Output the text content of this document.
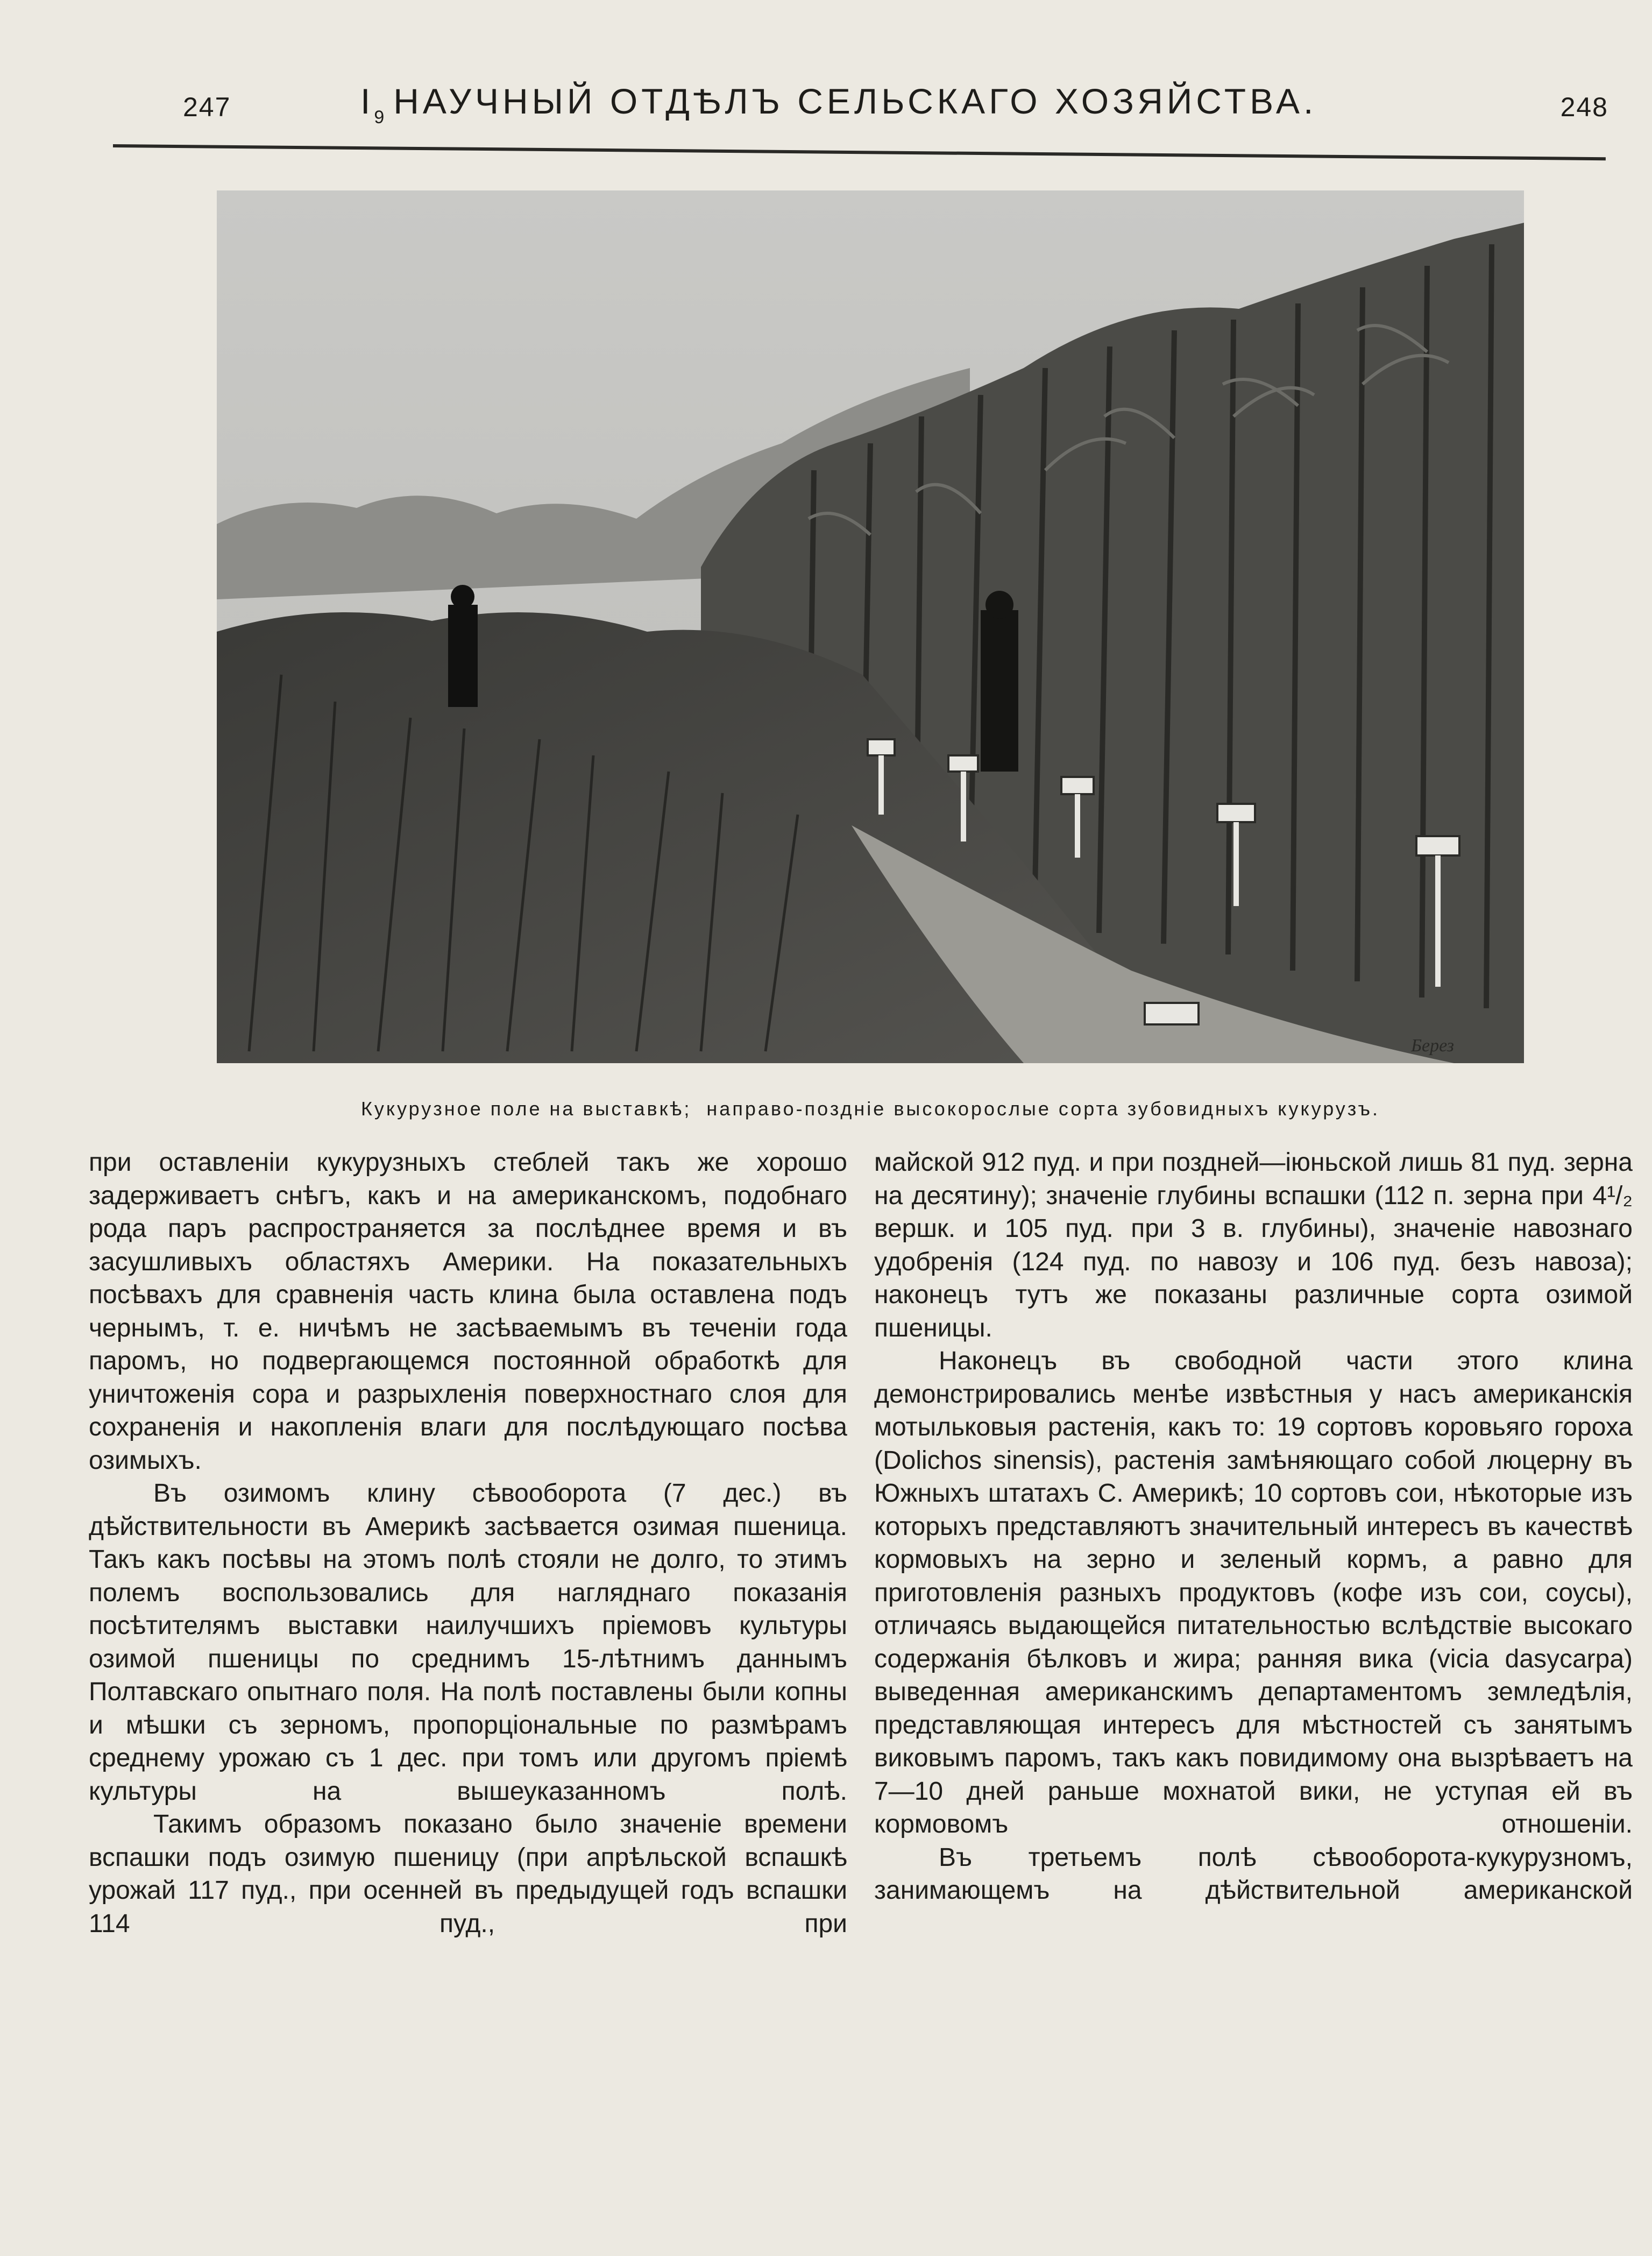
247	$I_9$ НАУЧНЫЙ ОТДѢЛЪ СЕЛЬСКАГО ХОЗЯЙСТВА.	248
Берез
Кукурузное поле на выставкѣ;  направо-позднiе высокорослые сорта зубовидныхъ кукурузъ.

при оставленiи кукурузныхъ стеблей такъ же хорошо задерживаетъ снѣгъ, какъ и на американскомъ, подобнаго рода паръ распространяется за послѣднее время и въ засушливыхъ областяхъ Америки. На показательныхъ посѣвахъ для сравненiя часть клина была оставлена подъ чернымъ, т. е. ничѣмъ не засѣваемымъ въ теченiи года паромъ, но подвергающемся постоянной обработкѣ для уничтоженiя сора и разрыхленiя поверхностнаго слоя для сохраненiя и накопленiя влаги для послѣдующаго посѣва озимыхъ.

Въ озимомъ клину сѣвооборота (7 дес.) въ дѣйствительности въ Америкѣ засѣвается озимая пшеница. Такъ какъ посѣвы на этомъ полѣ стояли не долго, то этимъ полемъ воспользовались для нагляднаго показанiя посѣтителямъ выставки наилучшихъ прiемовъ культуры озимой пшеницы по среднимъ 15-лѣтнимъ даннымъ Полтавскаго опытнаго поля. На полѣ поставлены были копны и мѣшки съ зерномъ, пропорцiональные по размѣрамъ среднему урожаю съ 1 дес. при томъ или другомъ прiемѣ культуры на вышеуказанномъ полѣ.

Такимъ образомъ показано было значенiе времени вспашки подъ озимую пшеницу (при апрѣльской вспашкѣ урожай 117 пуд., при осенней въ предыдущей годъ вспашки 114 пуд., при

майской 912 пуд. и при поздней—iюньской лишь 81 пуд. зерна на десятину); значенiе глубины вспашки (112 п. зерна при 4¹/₂ вершк. и 105 пуд. при 3 в. глубины), значенiе навознаго удобренiя (124 пуд. по навозу и 106 пуд. безъ навоза); наконецъ тутъ же показаны различные сорта озимой пшеницы.

Наконецъ въ свободной части этого клина демонстрировались менѣе извѣстныя у насъ американскiя мотыльковыя растенiя, какъ то: 19 сортовъ коровьяго гороха (Dolichos sinensis), растенiя замѣняющаго собой люцерну въ Южныхъ штатахъ С. Америкѣ; 10 сортовъ сои, нѣкоторые изъ которыхъ представляютъ значительный интересъ въ качествѣ кормовыхъ на зерно и зеленый кормъ, а равно для приготовленiя разныхъ продуктовъ (кофе изъ сои, соусы), отличаясь выдающейся питательностью вслѣдствiе высокаго содержанiя бѣлковъ и жира; ранняя вика (vicia dasycarpa) выведенная американскимъ департаментомъ земледѣлiя, представляющая интересъ для мѣстностей съ занятымъ виковымъ паромъ, такъ какъ повидимому она вызрѣваетъ на 7—10 дней раньше мохнатой вики, не уступая ей въ кормовомъ отношенiи.

Въ третьемъ полѣ сѣвооборота-кукурузномъ, занимающемъ на дѣйствительной американской
